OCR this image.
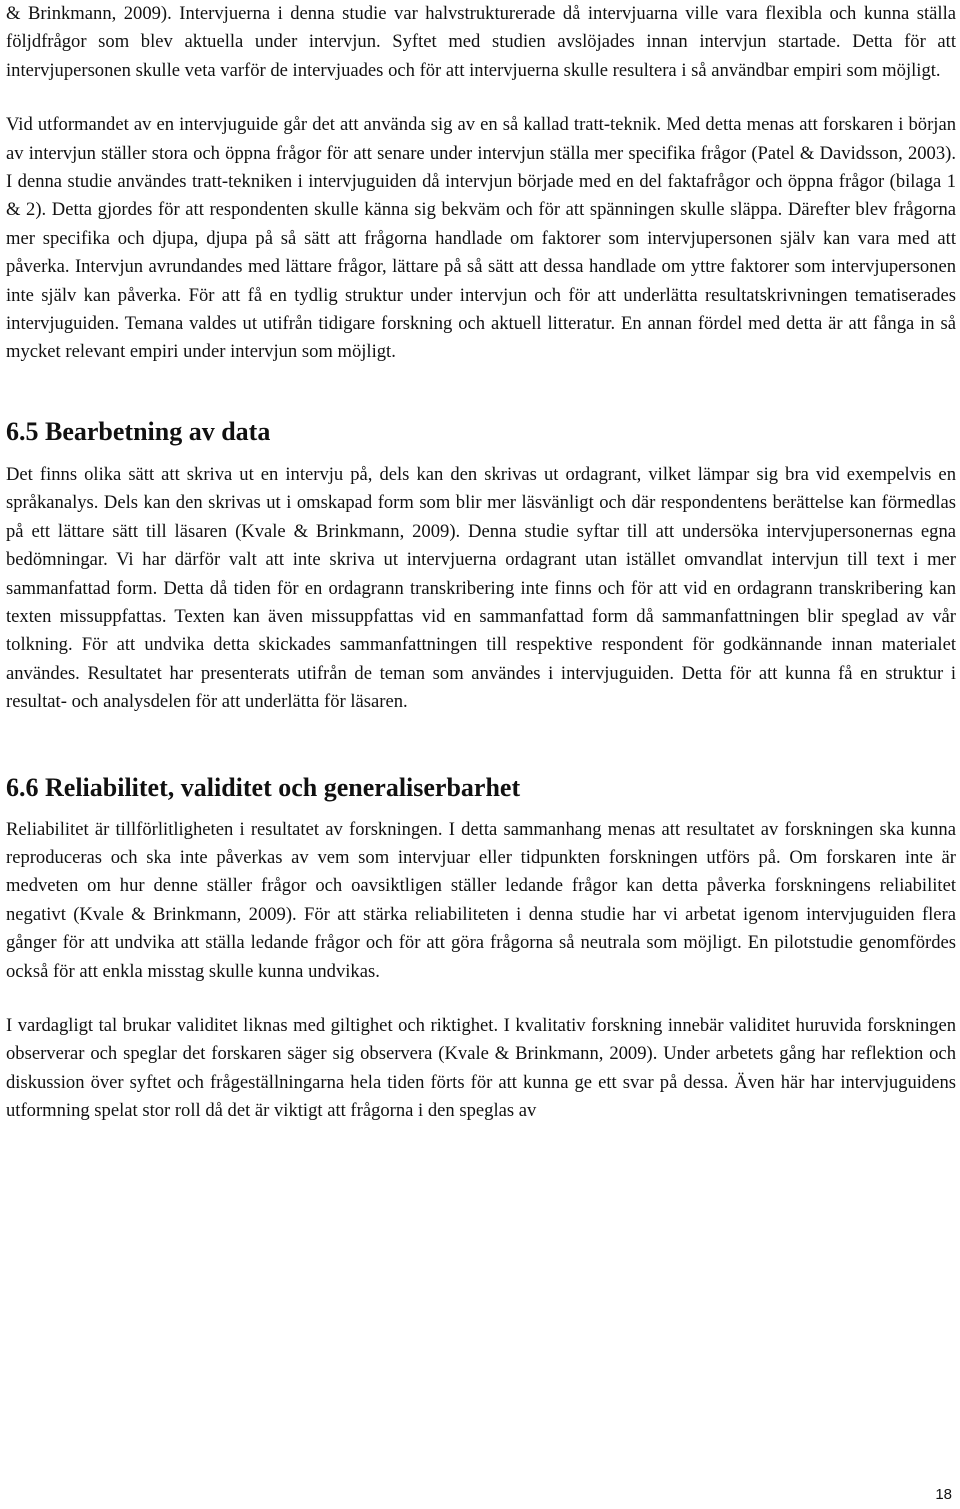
& Brinkmann, 2009). Intervjuerna i denna studie var halvstrukturerade då intervjuarna ville vara flexibla och kunna ställa följdfrågor som blev aktuella under intervjun. Syftet med studien avslöjades innan intervjun startade. Detta för att intervjupersonen skulle veta varför de intervjuades och för att intervjuerna skulle resultera i så användbar empiri som möjligt.

Vid utformandet av en intervjuguide går det att använda sig av en så kallad tratt-teknik. Med detta menas att forskaren i början av intervjun ställer stora och öppna frågor för att senare under intervjun ställa mer specifika frågor (Patel & Davidsson, 2003). I denna studie användes tratt-tekniken i intervjuguiden då intervjun började med en del faktafrågor och öppna frågor (bilaga 1 & 2). Detta gjordes för att respondenten skulle känna sig bekväm och för att spänningen skulle släppa. Därefter blev frågorna mer specifika och djupa, djupa på så sätt att frågorna handlade om faktorer som intervjupersonen själv kan vara med att påverka. Intervjun avrundandes med lättare frågor, lättare på så sätt att dessa handlade om yttre faktorer som intervjupersonen inte själv kan påverka. För att få en tydlig struktur under intervjun och för att underlätta resultatskrivningen tematiserades intervjuguiden. Temana valdes ut utifrån tidigare forskning och aktuell litteratur. En annan fördel med detta är att fånga in så mycket relevant empiri under intervjun som möjligt.

6.5 Bearbetning av data

Det finns olika sätt att skriva ut en intervju på, dels kan den skrivas ut ordagrant, vilket lämpar sig bra vid exempelvis en språkanalys. Dels kan den skrivas ut i omskapad form som blir mer läsvänligt och där respondentens berättelse kan förmedlas på ett lättare sätt till läsaren (Kvale & Brinkmann, 2009). Denna studie syftar till att undersöka intervjupersonernas egna bedömningar. Vi har därför valt att inte skriva ut intervjuerna ordagrant utan istället omvandlat intervjun till text i mer sammanfattad form. Detta då tiden för en ordagrann transkribering inte finns och för att vid en ordagrann transkribering kan texten missuppfattas. Texten kan även missuppfattas vid en sammanfattad form då sammanfattningen blir speglad av vår tolkning. För att undvika detta skickades sammanfattningen till respektive respondent för godkännande innan materialet användes. Resultatet har presenterats utifrån de teman som användes i intervjuguiden. Detta för att kunna få en struktur i resultat- och analysdelen för att underlätta för läsaren.

6.6 Reliabilitet, validitet och generaliserbarhet

Reliabilitet är tillförlitligheten i resultatet av forskningen. I detta sammanhang menas att resultatet av forskningen ska kunna reproduceras och ska inte påverkas av vem som intervjuar eller tidpunkten forskningen utförs på. Om forskaren inte är medveten om hur denne ställer frågor och oavsiktligen ställer ledande frågor kan detta påverka forskningens reliabilitet negativt (Kvale & Brinkmann, 2009). För att stärka reliabiliteten i denna studie har vi arbetat igenom intervjuguiden flera gånger för att undvika att ställa ledande frågor och för att göra frågorna så neutrala som möjligt. En pilotstudie genomfördes också för att enkla misstag skulle kunna undvikas.

I vardagligt tal brukar validitet liknas med giltighet och riktighet. I kvalitativ forskning innebär validitet huruvida forskningen observerar och speglar det forskaren säger sig observera (Kvale & Brinkmann, 2009). Under arbetets gång har reflektion och diskussion över syftet och frågeställningarna hela tiden förts för att kunna ge ett svar på dessa. Även här har intervjuguidens utformning spelat stor roll då det är viktigt att frågorna i den speglas av

18
